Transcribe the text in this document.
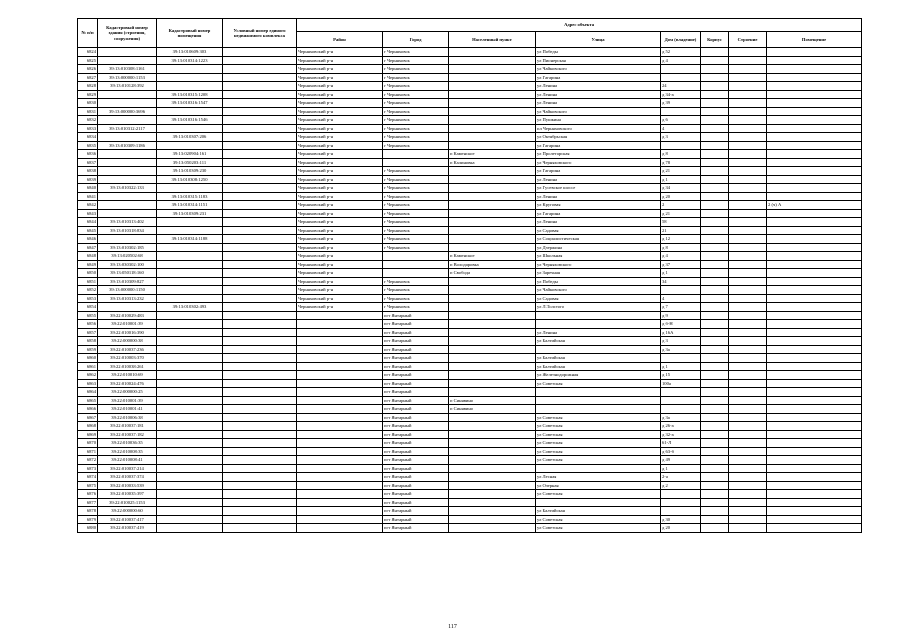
№ п/п	Кадастровый номер здания (строения, сооружения)	Кадастровый номер помещения	Условный номер единого недвижимого комплекса	Адрес объекта							
				Район	Город	Населенный пункт	Улица	Дом (владение)	Корпус	Строение	Помещение
6824		39:13:010609:303		Черняховский р-н	г Черняховск		ул Победы	д 52			
6825		39:13:010314:1223		Черняховский р-н	г Черняховск		ул Пионерская	д 4			
6826	39:13:010308:1161			Черняховский р-н	г Черняховск		ул Чайковского				
6827	39:13:000000:1153			Черняховский р-н	г Черняховск		ул Гагарина				
6828	39:13:010128:392			Черняховский р-н	г Черняховск		ул Ленина	24			
6829		39:13:010315:1208		Черняховский р-н	г Черняховск		ул Ленина	д 34-а			
6830		39:13:010316:1547		Черняховский р-н	г Черняховск		ул Ленина	д 39			
6831	39:13:000000:3696			Черняховский р-н	г Черняховск		ул Чайковского				
6832		39:13:010316:1546		Черняховский р-н	г Черняховск		ул Пушкина	д 6			
6833	39:13:010312:2117			Черняховский р-н	г Черняховск		пл Черняховского	4			
6834		39:13:010307:206		Черняховский р-н	г Черняховск		ул Октябрьская	д 3			
6835	39:13:010309:1186			Черняховский р-н	г Черняховск		ул Гагарина				
6836		39:13:020904:161		Черняховский р-н		п Каменское	ул Пролетарская	д 8			
6837		39:13:050203:111		Черняховский р-н		п Калиновка	ул Черняховского	д 78			
6838		39:13:010309:230		Черняховский р-н	г Черняховск		ул Гагарина	д 21			
6839		39:13:010308:1250		Черняховский р-н	г Черняховск		ул Ленина	д 1			
6840	39:13:010322:133			Черняховский р-н	г Черняховск		ул Гусевское шоссе	д 34			
6841		39:13:010315:1183		Черняховский р-н	г Черняховск		ул Ленина	д 20			
6842		39:13:010314:1151		Черняховский р-н	г Черняховск		ул Круговая	2			2 (ч) А
6843		39:13:010309:231		Черняховский р-н	г Черняховск		ул Гагарина	д 21			
6844	39:13:010313:402			Черняховский р-н	г Черняховск		ул Ленина	58			
6845	39:13:010318:834			Черняховский р-н	г Черняховск		ул Садовая	21			
6846		39:13:010314:1188		Черняховский р-н	г Черняховск		ул Социалистическая	д 12			
6847	39:13:010302:185			Черняховский р-н	г Черняховск		ул Дзержина	д 8			
6848	39:13:020502:68			Черняховский р-н		п Каменское	ул Школьная	д 4			
6849	39:13:030302:100			Черняховский р-н		п Володаровка	ул Черняховского	д 37			
6850	39:13:050118:160			Черняховский р-н		п Свобода	ул Заречная	д 1			
6851	39:13:010309:827			Черняховский р-н	г Черняховск		ул Победы	34			
6852	39:13:000000:1150			Черняховский р-н	г Черняховск		ул Чайковского				
6853	39:13:010313:232			Черняховский р-н	г Черняховск		ул Садовая	4			
6854		39:13:010302:493		Черняховский р-н	г Черняховск		ул Л.Толстого	д 7			
6855	39:22:010029:483				пгт Янтарный			д 9			
6856	39:22:010001:39				пгт Янтарный			д б-Н			
6857	39:22:010016:390				пгт Янтарный		ул Ленина	д 16А			
6858	39:22:000000:38				пгт Янтарный		ул Балтийская	д 3			
6859	39:22:010037:236				пгт Янтарный			д 3а			
6860	39:22:010003:370				пгт Янтарный		ул Балтийская				
6861	39:22:010038:261				пгт Янтарный		ул Балтийская	д 1			
6862	39:22:010010:69				пгт Янтарный		ул Железнодорожная	д 15			
6863	39:22:010024:476				пгт Янтарный		ул Советская	100а			
6864	39:22:000000:25				пгт Янтарный						
6865	39:22:010001:39				пгт Янтарный	п Синявино					
6866	39:22:010001:41				пгт Янтарный	п Синявино					
6867	39:22:010006:38				пгт Янтарный		ул Советская	д 3а			
6868	39:22:010037:181				пгт Янтарный		ул Советская	д 26-а			
6869	39:22:010037:182				пгт Янтарный		ул Советская	д 32-а			
6870	39:22:010036:35				пгт Янтарный		ул Советская	61-Л			
6871	39:22:010008:35				пгт Янтарный		ул Советская	д 63-б			
6872	39:22:010008:41				пгт Янтарный		ул Советская	д 49			
6873	39:22:010037:214				пгт Янтарный			д 1			
6874	39:22:010037:374				пгт Янтарный		ул Лесная	2-а			
6875	39:22:010033:539				пгт Янтарный		ул Озерная	д 2			
6876	39:22:010035:397				пгт Янтарный		ул Советская				
6877	39:22:010025:1153				пгт Янтарный						
6878	39:22:000000:60				пгт Янтарный		ул Балтийская				
6879	39:22:010037:417				пгт Янтарный		ул Советская	д 30			
6880	39:22:010037:419				пгт Янтарный		ул Советская	д 20			
117
